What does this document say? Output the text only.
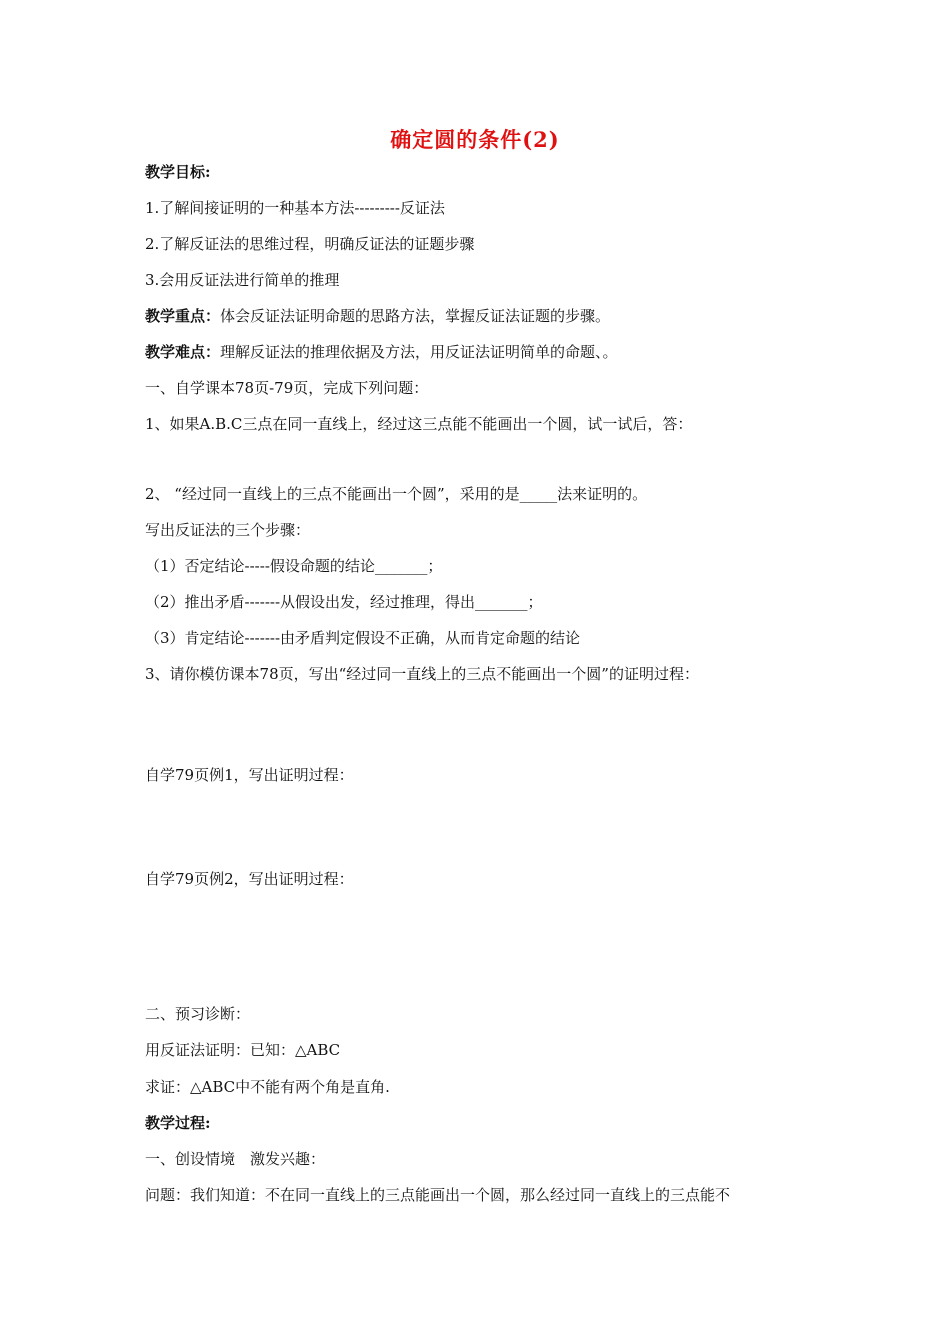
确定圆的条件(2)
教学目标:
1.了解间接证明的一种基本方法---------反证法
2.了解反证法的思维过程，明确反证法的证题步骤
3.会用反证法进行简单的推理
教学重点：体会反证法证明命题的思路方法，掌握反证法证题的步骤。
教学难点：理解反证法的推理依据及方法，用反证法证明简单的命题、。
一、自学课本78页-79页，完成下列问题：
1、如果A.B.C三点在同一直线上，经过这三点能不能画出一个圆，试一试后，答：
2、 “经过同一直线上的三点不能画出一个圆”，采用的是_____法来证明的。
写出反证法的三个步骤：
（1）否定结论-----假设命题的结论_______；
（2）推出矛盾-------从假设出发，经过推理，得出_______；
（3）肯定结论-------由矛盾判定假设不正确，从而肯定命题的结论
3、请你模仿课本78页，写出“经过同一直线上的三点不能画出一个圆”的证明过程：
自学79页例1，写出证明过程：
自学79页例2，写出证明过程：
二、预习诊断：
用反证法证明：已知：△ABC
求证：△ABC中不能有两个角是直角.
教学过程:
一、创设情境　激发兴趣：
问题：我们知道：不在同一直线上的三点能画出一个圆，那么经过同一直线上的三点能不
